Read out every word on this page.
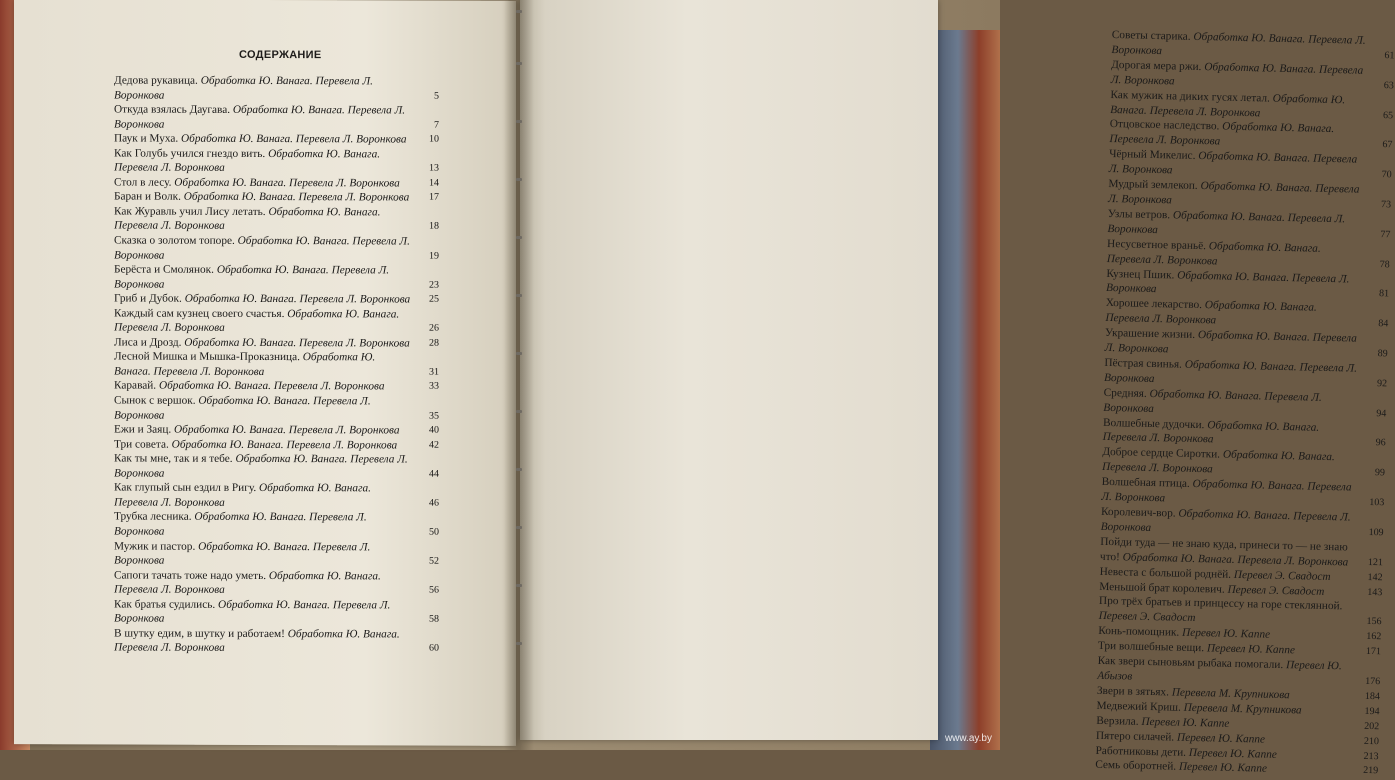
СОДЕРЖАНИЕ
Дедова рукавица. Обработка Ю. Ванага. Перевела Л. Воронкова	5
Откуда взялась Даугава. Обработка Ю. Ванага. Перевела Л. Воронкова	7
Паук и Муха. Обработка Ю. Ванага. Перевела Л. Воронкова 10
Как Голубь учился гнездо вить. Обработка Ю. Ванага. Перевела Л. Воронкова	13
Стол в лесу. Обработка Ю. Ванага. Перевела Л. Воронкова	14
Баран и Волк. Обработка Ю. Ванага. Перевела Л. Воронкова 17
Как Журавль учил Лису летать. Обработка Ю. Ванага. Перевела Л. Воронкова	18
Сказка о золотом топоре. Обработка Ю. Ванага. Перевела Л. Воронкова	19
Берёста и Смолянок. Обработка Ю. Ванага. Перевела Л. Воронкова	23
Гриб и Дубок. Обработка Ю. Ванага. Перевела Л. Воронкова 25
Каждый сам кузнец своего счастья. Обработка Ю. Ванага. Перевела Л. Воронкова	26
Лиса и Дрозд. Обработка Ю. Ванага. Перевела Л. Воронкова 28
Лесной Мишка и Мышка-Проказница. Обработка Ю. Ванага. Перевела Л. Воронкова	31
Каравай. Обработка Ю. Ванага. Перевела Л. Воронкова	33
Сынок с вершок. Обработка Ю. Ванага. Перевела Л. Воронкова	35
Ежи и Заяц. Обработка Ю. Ванага. Перевела Л. Воронкова	40
Три совета. Обработка Ю. Ванага. Перевела Л. Воронкова	42
Как ты мне, так и я тебе. Обработка Ю. Ванага. Перевела Л. Воронкова	44
Как глупый сын ездил в Ригу. Обработка Ю. Ванага. Перевела Л. Воронкова	46
Трубка лесника. Обработка Ю. Ванага. Перевела Л. Воронкова	50
Мужик и пастор. Обработка Ю. Ванага. Перевела Л. Воронкова	52
Сапоги тачать тоже надо уметь. Обработка Ю. Ванага. Перевела Л. Воронкова	56
Как братья судились. Обработка Ю. Ванага. Перевела Л. Воронкова	58
В шутку едим, в шутку и работаем! Обработка Ю. Ванага. Перевела Л. Воронкова	60
Советы старика. Обработка Ю. Ванага. Перевела Л. Воронкова	61
Дорогая мера ржи. Обработка Ю. Ванага. Перевела Л. Воронкова	63
Как мужик на диких гусях летал. Обработка Ю. Ванага. Перевела Л. Воронкова	65
Отцовское наследство. Обработка Ю. Ванага. Перевела Л. Воронкова	67
Чёрный Микелис. Обработка Ю. Ванага. Перевела Л. Воронкова	70
Мудрый землекоп. Обработка Ю. Ванага. Перевела Л. Воронкова	73
Узлы ветров. Обработка Ю. Ванага. Перевела Л. Воронкова	77
Несусветное враньё. Обработка Ю. Ванага. Перевела Л. Воронкова	78
Кузнец Пшик. Обработка Ю. Ванага. Перевела Л. Воронкова	81
Хорошее лекарство. Обработка Ю. Ванага. Перевела Л. Воронкова	84
Украшение жизни. Обработка Ю. Ванага. Перевела Л. Воронкова	89
Пёстрая свинья. Обработка Ю. Ванага. Перевела Л. Воронкова	92
Средняя. Обработка Ю. Ванага. Перевела Л. Воронкова	94
Волшебные дудочки. Обработка Ю. Ванага. Перевела Л. Воронкова	96
Доброе сердце Сиротки. Обработка Ю. Ванага. Перевела Л. Воронкова	99
Волшебная птица. Обработка Ю. Ванага. Перевела Л. Воронкова	103
Королевич-вор. Обработка Ю. Ванага. Перевела Л. Воронкова	109
Пойди туда — не знаю куда, принеси то — не знаю что! Обработка Ю. Ванага. Перевела Л. Воронкова 121
Невеста с большой роднёй. Перевел Э. Свадост	142
Меньшой брат королевич. Перевел Э. Свадост	143
Про трёх братьев и принцессу на горе стеклянной. Перевел Э. Свадост	156
Конь-помощник. Перевел Ю. Каппе	162
Три волшебные вещи. Перевел Ю. Каппе	171
Как звери сыновьям рыбака помогали. Перевел Ю. Абызов	176
Звери в зятьях. Перевела М. Крупникова	184
Медвежий Криш. Перевела М. Крупникова	194
Верзила. Перевел Ю. Каппе	202
Пятеро силачей. Перевел Ю. Каппе	210
Работниковы дети. Перевел Ю. Каппе	213
Семь оборотней. Перевел Ю. Каппе	219
www.ay.by
